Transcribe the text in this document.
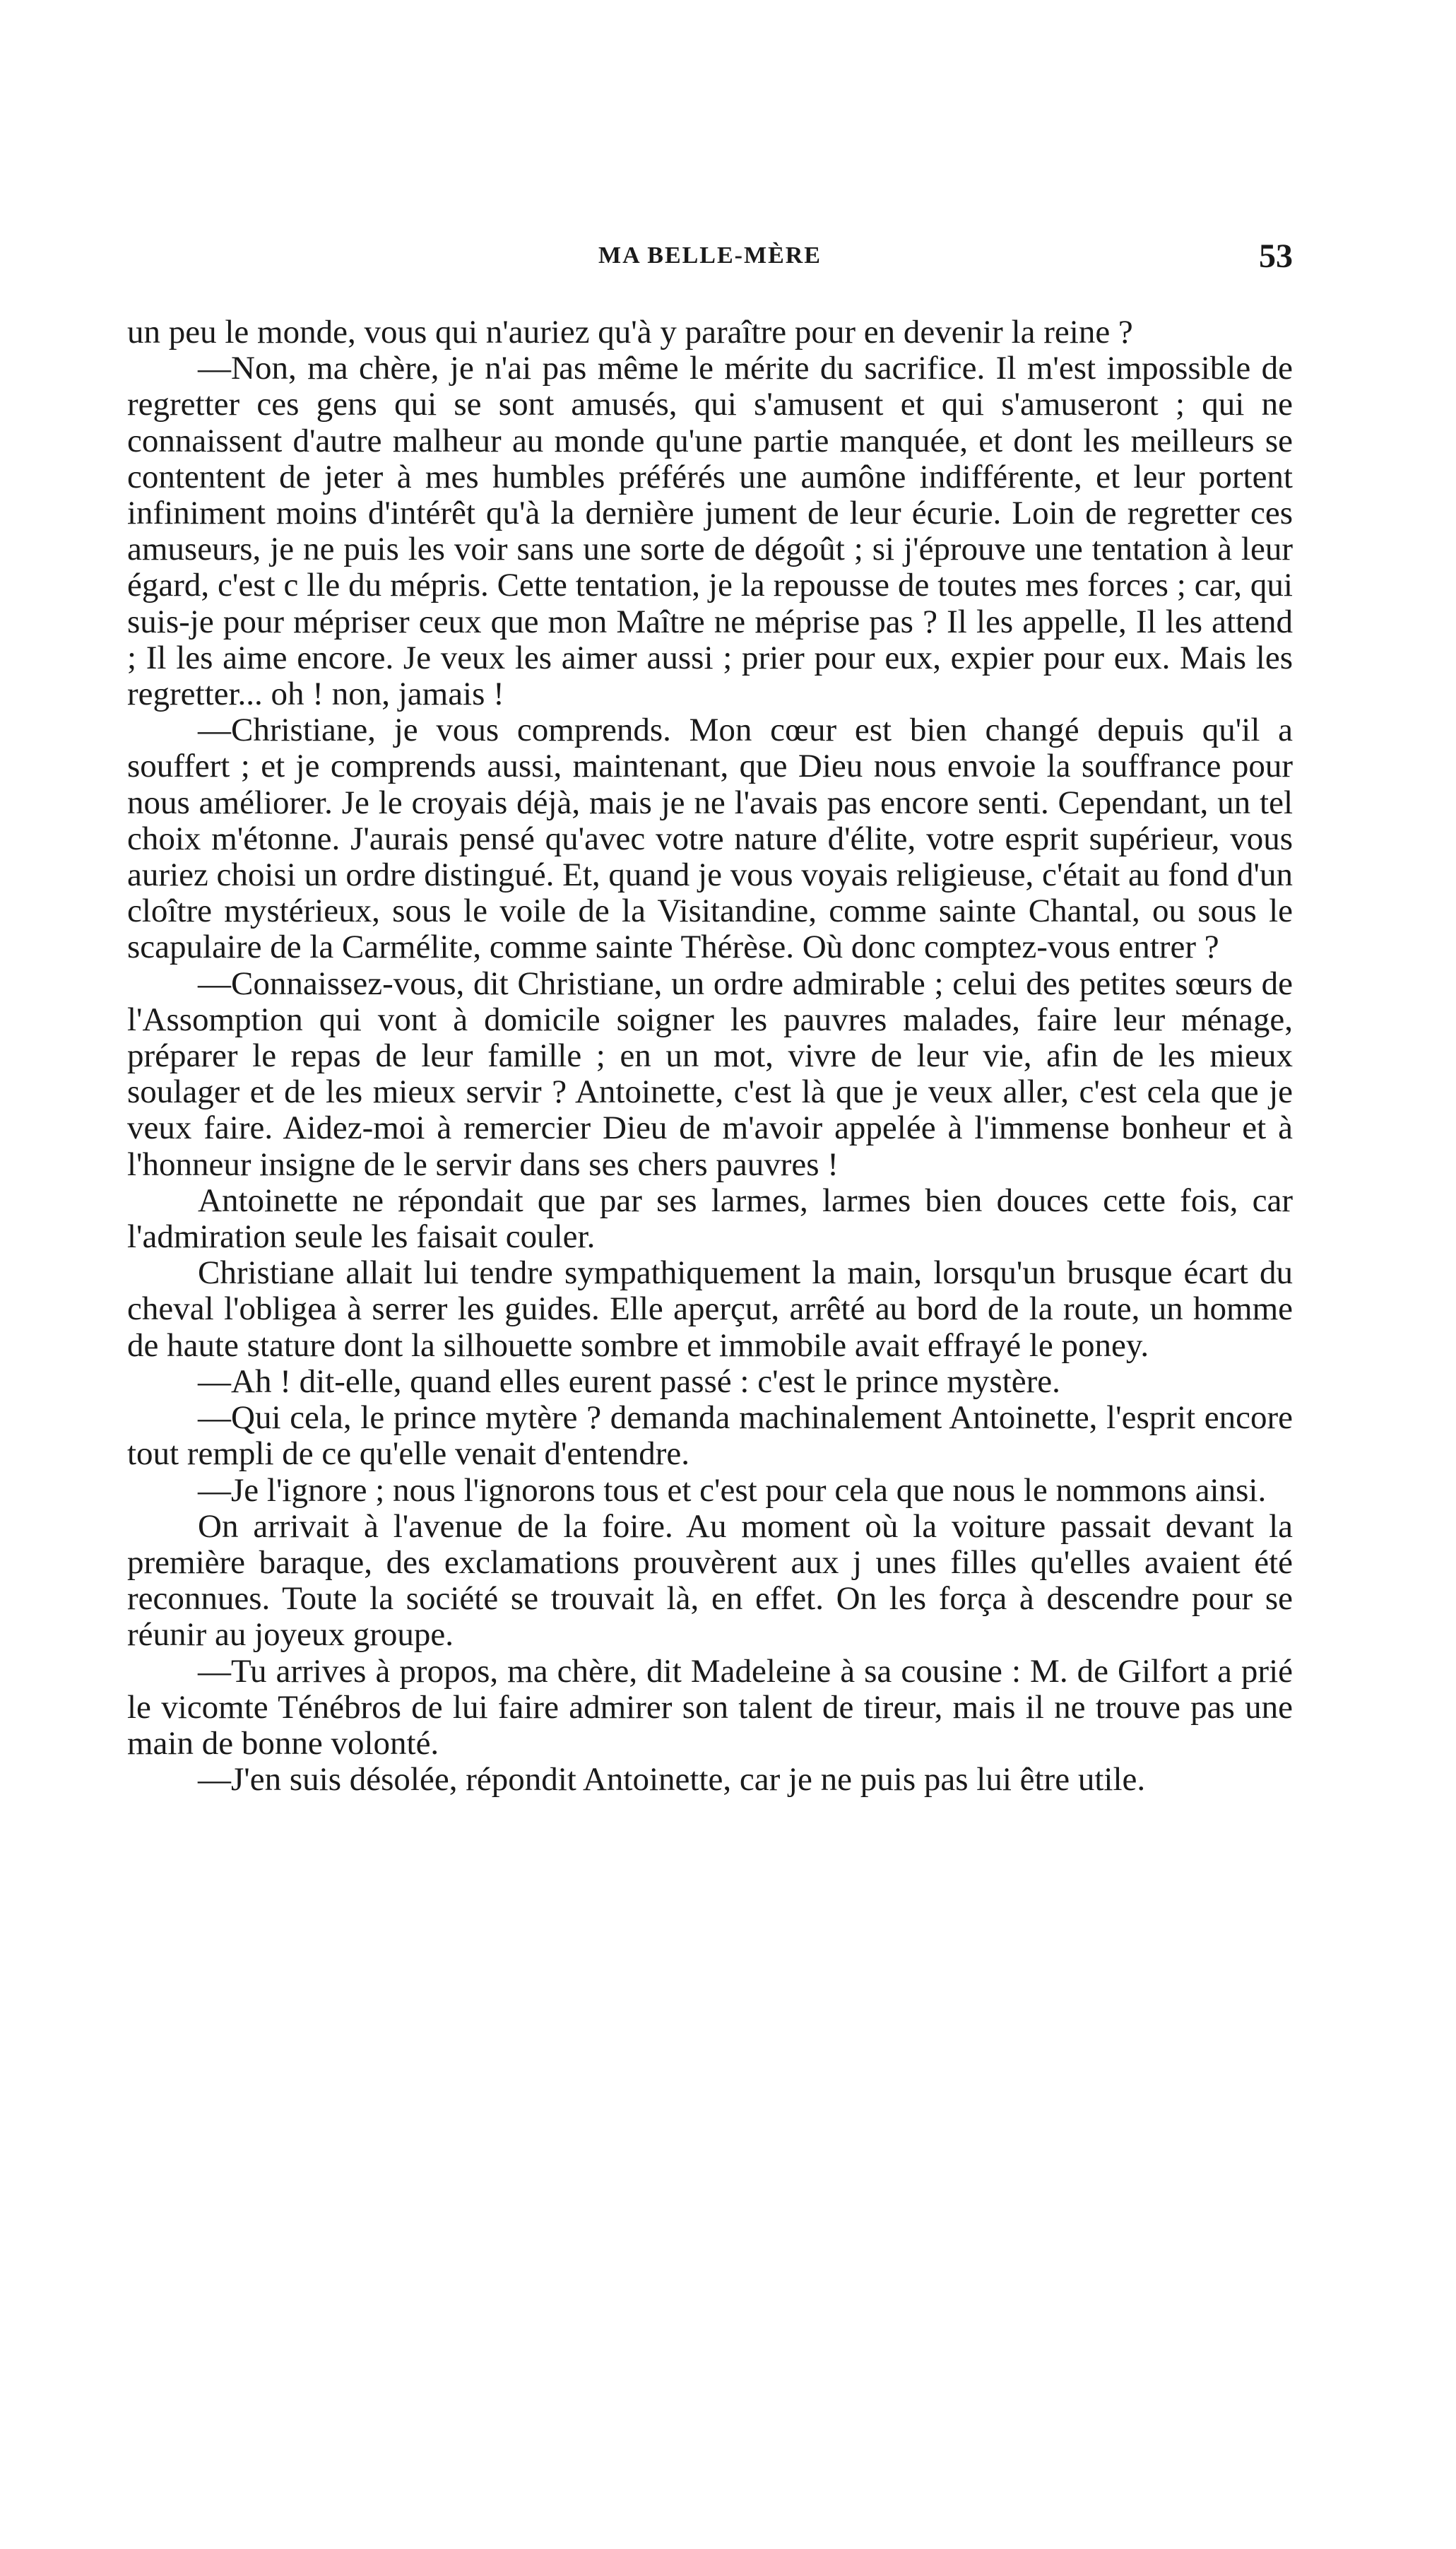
MA BELLE-MÈRE	53

un peu le monde, vous qui n'auriez qu'à y paraître pour en devenir la reine ?

—Non, ma chère, je n'ai pas même le mérite du sacrifice. Il m'est impossible de regretter ces gens qui se sont amusés, qui s'amusent et qui s'amuseront ; qui ne connaissent d'autre malheur au monde qu'une partie manquée, et dont les meilleurs se contentent de jeter à mes humbles préférés une aumône indifférente, et leur portent infiniment moins d'intérêt qu'à la dernière jument de leur écurie. Loin de regretter ces amuseurs, je ne puis les voir sans une sorte de dégoût ; si j'éprouve une tentation à leur égard, c'est c lle du mépris. Cette tentation, je la repousse de toutes mes forces ; car, qui suis-je pour mépriser ceux que mon Maître ne méprise pas ? Il les appelle, Il les attend ; Il les aime encore. Je veux les aimer aussi ; prier pour eux, expier pour eux. Mais les regretter... oh ! non, jamais !

—Christiane, je vous comprends. Mon cœur est bien changé depuis qu'il a souffert ; et je comprends aussi, maintenant, que Dieu nous envoie la souffrance pour nous améliorer. Je le croyais déjà, mais je ne l'avais pas encore senti. Cependant, un tel choix m'étonne. J'aurais pensé qu'avec votre nature d'élite, votre esprit supérieur, vous auriez choisi un ordre distingué. Et, quand je vous voyais religieuse, c'était au fond d'un cloître mystérieux, sous le voile de la Visitandine, comme sainte Chantal, ou sous le scapulaire de la Carmélite, comme sainte Thérèse. Où donc comptez-vous entrer ?

—Connaissez-vous, dit Christiane, un ordre admirable ; celui des petites sœurs de l'Assomption qui vont à domicile soigner les pauvres malades, faire leur ménage, préparer le repas de leur famille ; en un mot, vivre de leur vie, afin de les mieux soulager et de les mieux servir ? Antoinette, c'est là que je veux aller, c'est cela que je veux faire. Aidez-moi à remercier Dieu de m'avoir appelée à l'immense bonheur et à l'honneur insigne de le servir dans ses chers pauvres !

Antoinette ne répondait que par ses larmes, larmes bien douces cette fois, car l'admiration seule les faisait couler.

Christiane allait lui tendre sympathiquement la main, lorsqu'un brusque écart du cheval l'obligea à serrer les guides. Elle aperçut, arrêté au bord de la route, un homme de haute stature dont la silhouette sombre et immobile avait effrayé le poney.

—Ah ! dit-elle, quand elles eurent passé : c'est le prince mystère.

—Qui cela, le prince mytère ? demanda machinalement Antoinette, l'esprit encore tout rempli de ce qu'elle venait d'entendre.

—Je l'ignore ; nous l'ignorons tous et c'est pour cela que nous le nommons ainsi.

On arrivait à l'avenue de la foire. Au moment où la voiture passait devant la première baraque, des exclamations prouvèrent aux j unes filles qu'elles avaient été reconnues. Toute la société se trouvait là, en effet. On les força à descendre pour se réunir au joyeux groupe.

—Tu arrives à propos, ma chère, dit Madeleine à sa cousine : M. de Gilfort a prié le vicomte Ténébros de lui faire admirer son talent de tireur, mais il ne trouve pas une main de bonne volonté.

—J'en suis désolée, répondit Antoinette, car je ne puis pas lui être utile.
